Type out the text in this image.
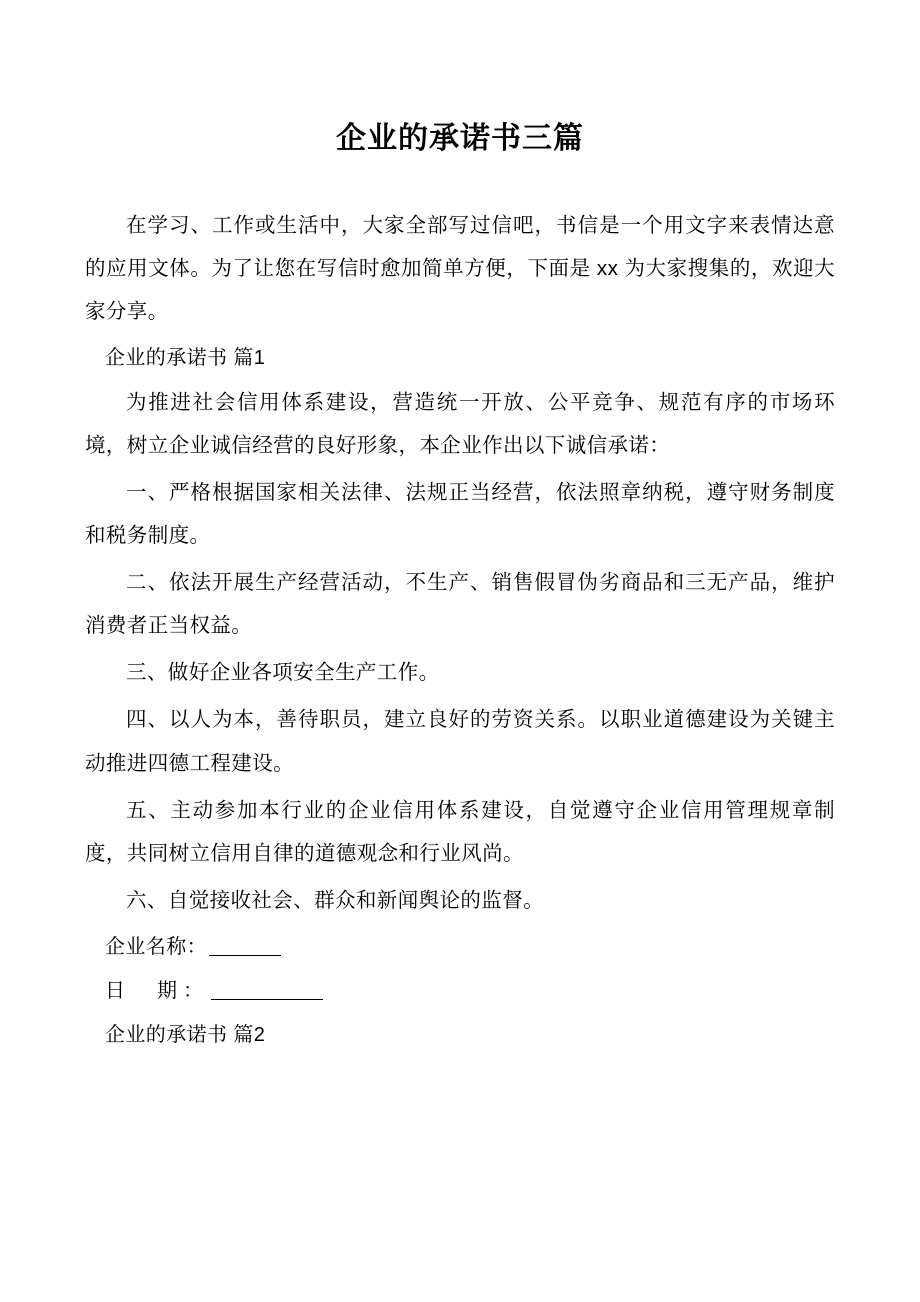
企业的承诺书三篇

在学习、工作或生活中，大家全部写过信吧，书信是一个用文字来表情达意的应用文体。为了让您在写信时愈加简单方便，下面是 xx 为大家搜集的，欢迎大家分享。

企业的承诺书 篇1

为推进社会信用体系建设，营造统一开放、公平竞争、规范有序的市场环境，树立企业诚信经营的良好形象，本企业作出以下诚信承诺：

一、严格根据国家相关法律、法规正当经营，依法照章纳税，遵守财务制度和税务制度。

二、依法开展生产经营活动，不生产、销售假冒伪劣商品和三无产品，维护消费者正当权益。

三、做好企业各项安全生产工作。

四、以人为本，善待职员，建立良好的劳资关系。以职业道德建设为关键主动推进四德工程建设。

五、主动参加本行业的企业信用体系建设，自觉遵守企业信用管理规章制度，共同树立信用自律的道德观念和行业风尚。

六、自觉接收社会、群众和新闻舆论的监督。

企业名称：

日　期：

企业的承诺书 篇2
